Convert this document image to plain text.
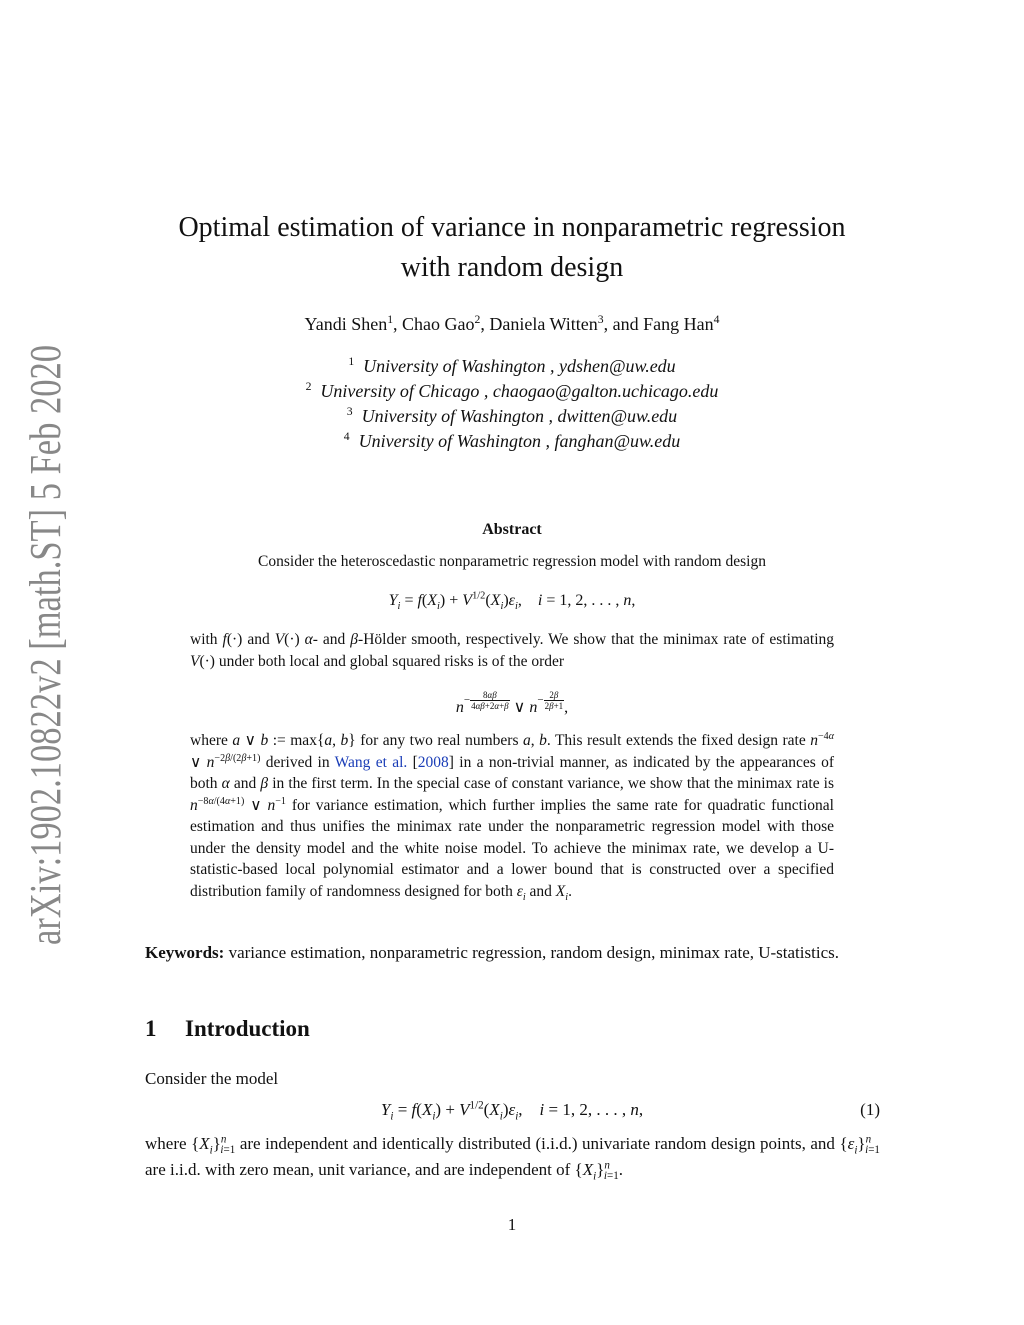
arXiv:1902.10822v2 [math.ST] 5 Feb 2020	Optimal estimation of variance in nonparametric regression
with random design
Yandi Shen$^1$, Chao Gao$^2$, Daniela Witten$^3$, and Fang Han$^4$
$^1$ University of Washington , ydshen@uw.edu
$^2$ University of Chicago , chaogao@galton.uchicago.edu
$^3$ University of Washington , dwitten@uw.edu
$^4$ University of Washington , fanghan@uw.edu
Abstract
Consider the heteroscedastic nonparametric regression model with random design
$Y_i = f(X_i) + V^{1/2}(X_i)\varepsilon_i$,    i = 1, 2, . . . , n,
with f(·) and V(·) α- and β-Hölder smooth, respectively. We show that the minimax rate of estimating V(·) under both local and global squared risks is of the order
$n^{- \frac{8\alpha\beta}{4\alpha\beta+2\alpha+\beta}}$ ∨ $n^{- \frac{2\beta}{2\beta+1}}$ ,
where a ∨ b := max{a, b} for any two real numbers a, b. This result extends the fixed design rate $n^{-4\alpha}$ ∨ $n^{-2\beta/(2\beta+1)}$ derived in Wang et al. [2008] in a non-trivial manner, as indicated by the appearances of both α and β in the first term. In the special case of constant variance, we show that the minimax rate is $n^{-8\alpha/(4\alpha+1)}$ ∨ $n^{-1}$ for variance estimation, which further implies the same rate for quadratic functional estimation and thus unifies the minimax rate under the nonparametric regression model with those under the density model and the white noise model. To achieve the minimax rate, we develop a U-statistic-based local polynomial estimator and a lower bound that is constructed over a specified distribution family of randomness designed for both $\varepsilon_i$ and $X_i$.
Keywords: variance estimation, nonparametric regression, random design, minimax rate, U-statistics.
1 Introduction
Consider the model
$Y_i = f(X_i) + V^{1/2}(X_i)\varepsilon_i$,    i = 1, 2, . . . , n,	(1)
where $\{X_i\}^n_{i=1}$ are independent and identically distributed (i.i.d.) univariate random design points, and $\{\varepsilon_i\}^n_{i=1}$ are i.i.d. with zero mean, unit variance, and are independent of $\{X_i\}^n_{i=1}$.
1
